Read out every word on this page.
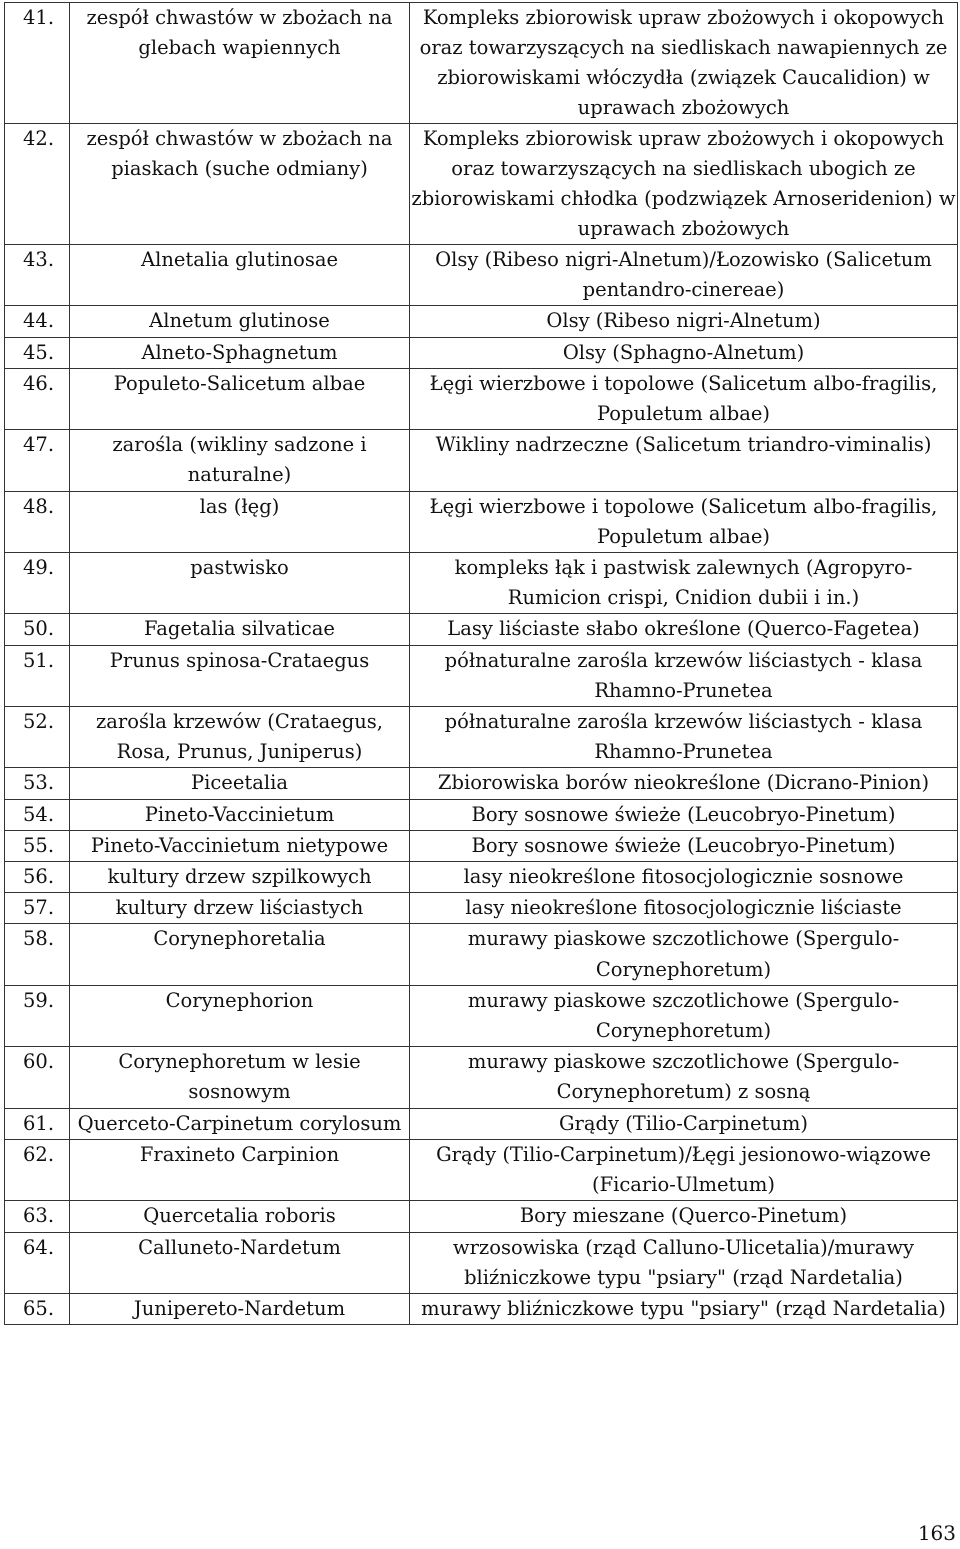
41.	zespół chwastów w zbożach na glebach wapiennych	Kompleks zbiorowisk upraw zbożowych i okopowych oraz towarzyszących na siedliskach nawapiennych ze zbiorowiskami włóczydła (związek Caucalidion) w uprawach zbożowych
42.	zespół chwastów w zbożach na piaskach (suche odmiany)	Kompleks zbiorowisk upraw zbożowych i okopowych oraz towarzyszących na siedliskach ubogich ze zbiorowiskami chłodka (podzwiązek Arnoseridenion) w uprawach zbożowych
43.	Alnetalia glutinosae	Olsy (Ribeso nigri-Alnetum)/Łozowisko (Salicetum pentandro-cinereae)
44.	Alnetum glutinose	Olsy (Ribeso nigri-Alnetum)
45.	Alneto-Sphagnetum	Olsy (Sphagno-Alnetum)
46.	Populeto-Salicetum albae	Łęgi wierzbowe i topolowe (Salicetum albo-fragilis, Populetum albae)
47.	zarośla (wikliny sadzone i naturalne)	Wikliny nadrzeczne (Salicetum triandro-viminalis)
48.	las (łęg)	Łęgi wierzbowe i topolowe (Salicetum albo-fragilis, Populetum albae)
49.	pastwisko	kompleks łąk i pastwisk zalewnych (Agropyro-Rumicion crispi, Cnidion dubii i in.)
50.	Fagetalia silvaticae	Lasy liściaste słabo określone (Querco-Fagetea)
51.	Prunus spinosa-Crataegus	półnaturalne zarośla krzewów liściastych - klasa Rhamno-Prunetea
52.	zarośla krzewów (Crataegus, Rosa, Prunus, Juniperus)	półnaturalne zarośla krzewów liściastych - klasa Rhamno-Prunetea
53.	Piceetalia	Zbiorowiska borów nieokreślone (Dicrano-Pinion)
54.	Pineto-Vaccinietum	Bory sosnowe świeże (Leucobryo-Pinetum)
55.	Pineto-Vaccinietum nietypowe	Bory sosnowe świeże (Leucobryo-Pinetum)
56.	kultury drzew szpilkowych	lasy nieokreślone fitosocjologicznie sosnowe
57.	kultury drzew liściastych	lasy nieokreślone fitosocjologicznie liściaste
58.	Corynephoretalia	murawy piaskowe szczotlichowe (Spergulo-Corynephoretum)
59.	Corynephorion	murawy piaskowe szczotlichowe (Spergulo-Corynephoretum)
60.	Corynephoretum w lesie sosnowym	murawy piaskowe szczotlichowe (Spergulo-Corynephoretum) z sosną
61.	Querceto-Carpinetum corylosum	Grądy (Tilio-Carpinetum)
62.	Fraxineto Carpinion	Grądy (Tilio-Carpinetum)/Łęgi jesionowo-wiązowe (Ficario-Ulmetum)
63.	Quercetalia roboris	Bory mieszane (Querco-Pinetum)
64.	Calluneto-Nardetum	wrzosowiska (rząd Calluno-Ulicetalia)/murawy bliźniczkowe typu "psiary" (rząd Nardetalia)
65.	Junipereto-Nardetum	murawy bliźniczkowe typu "psiary" (rząd Nardetalia)
163
